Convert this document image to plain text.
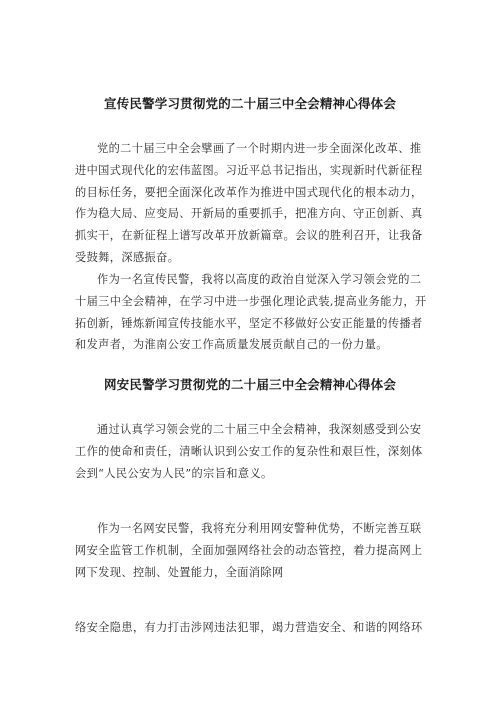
宣传民警学习贯彻党的二十届三中全会精神心得体会
党的二十届三中全会擘画了一个时期内进一步全面深化改革、推
进中国式现代化的宏伟蓝图。习近平总书记指出，实现新时代新征程
的目标任务，要把全面深化改革作为推进中国式现代化的根本动力，
作为稳大局、应变局、开新局的重要抓手，把准方向、守正创新、真
抓实干，在新征程上谱写改革开放新篇章。会议的胜利召开，让我备
受鼓舞，深感振奋。
作为一名宣传民警，我将以高度的政治自觉深入学习领会党的二
十届三中全会精神，在学习中进一步强化理论武装,提高业务能力，开
拓创新，锤炼新闻宣传技能水平，坚定不移做好公安正能量的传播者
和发声者，为淮南公安工作高质量发展贡献自己的一份力量。
网安民警学习贯彻党的二十届三中全会精神心得体会
通过认真学习领会党的二十届三中全会精神，我深刻感受到公安
工作的使命和责任，清晰认识到公安工作的复杂性和艰巨性，深刻体
会到“人民公安为人民”的宗旨和意义。
作为一名网安民警，我将充分利用网安警种优势，不断完善互联
网安全监管工作机制，全面加强网络社会的动态管控，着力提高网上
网下发现、控制、处置能力，全面消除网
络安全隐患，有力打击涉网违法犯罪，竭力营造安全、和谐的网络环
